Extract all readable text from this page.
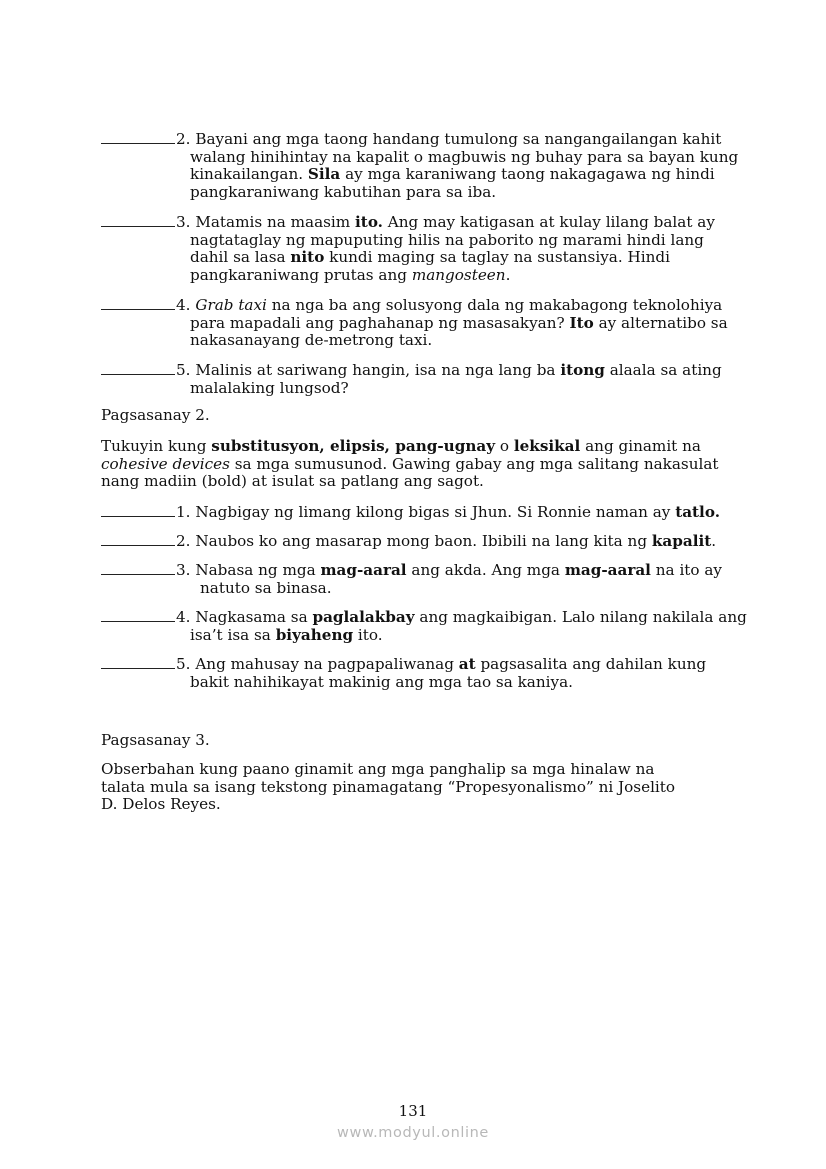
2. Bayani ang mga taong handang tumulong sa nangangailangan kahit
walang hinihintay na kapalit o magbuwis ng buhay para sa bayan kung
kinakailangan. Sila ay mga karaniwang taong nakagagawa ng hindi
pangkaraniwang kabutihan para sa iba.
3. Matamis na maasim ito. Ang may katigasan at kulay lilang balat ay
nagtataglay ng mapuputing hilis na paborito ng marami hindi lang
dahil sa lasa nito kundi maging sa taglay na sustansiya. Hindi
pangkaraniwang prutas ang mangosteen.
4. Grab taxi na nga ba ang solusyong dala ng makabagong teknolohiya
para mapadali ang paghahanap ng masasakyan? Ito ay alternatibo sa
nakasanayang de-metrong taxi.
5. Malinis at sariwang hangin, isa na nga lang ba itong alaala sa ating
malalaking lungsod?

Pagsasanay 2.

Tukuyin kung substitusyon, elipsis, pang-ugnay o leksikal ang ginamit na
cohesive devices sa mga sumusunod. Gawing gabay ang mga salitang nakasulat
nang madiin (bold) at isulat sa patlang ang sagot.
1. Nagbigay ng limang kilong bigas si Jhun. Si Ronnie naman ay tatlo.
2. Naubos ko ang masarap mong baon. Ibibili na lang kita ng kapalit.
3. Nabasa ng mga mag-aaral ang akda. Ang mga mag-aaral na ito ay
natuto sa binasa.
4. Nagkasama sa paglalakbay ang magkaibigan. Lalo nilang nakilala ang
isa’t isa sa biyaheng ito.
5. Ang mahusay na pagpapaliwanag at pagsasalita ang dahilan kung
bakit nahihikayat makinig ang mga tao sa kaniya.

Pagsasanay 3.

Obserbahan kung paano ginamit ang mga panghalip sa mga hinalaw na
talata mula sa isang tekstong pinamagatang “Propesyonalismo” ni Joselito
D. Delos Reyes.
131
www.modyul.online
